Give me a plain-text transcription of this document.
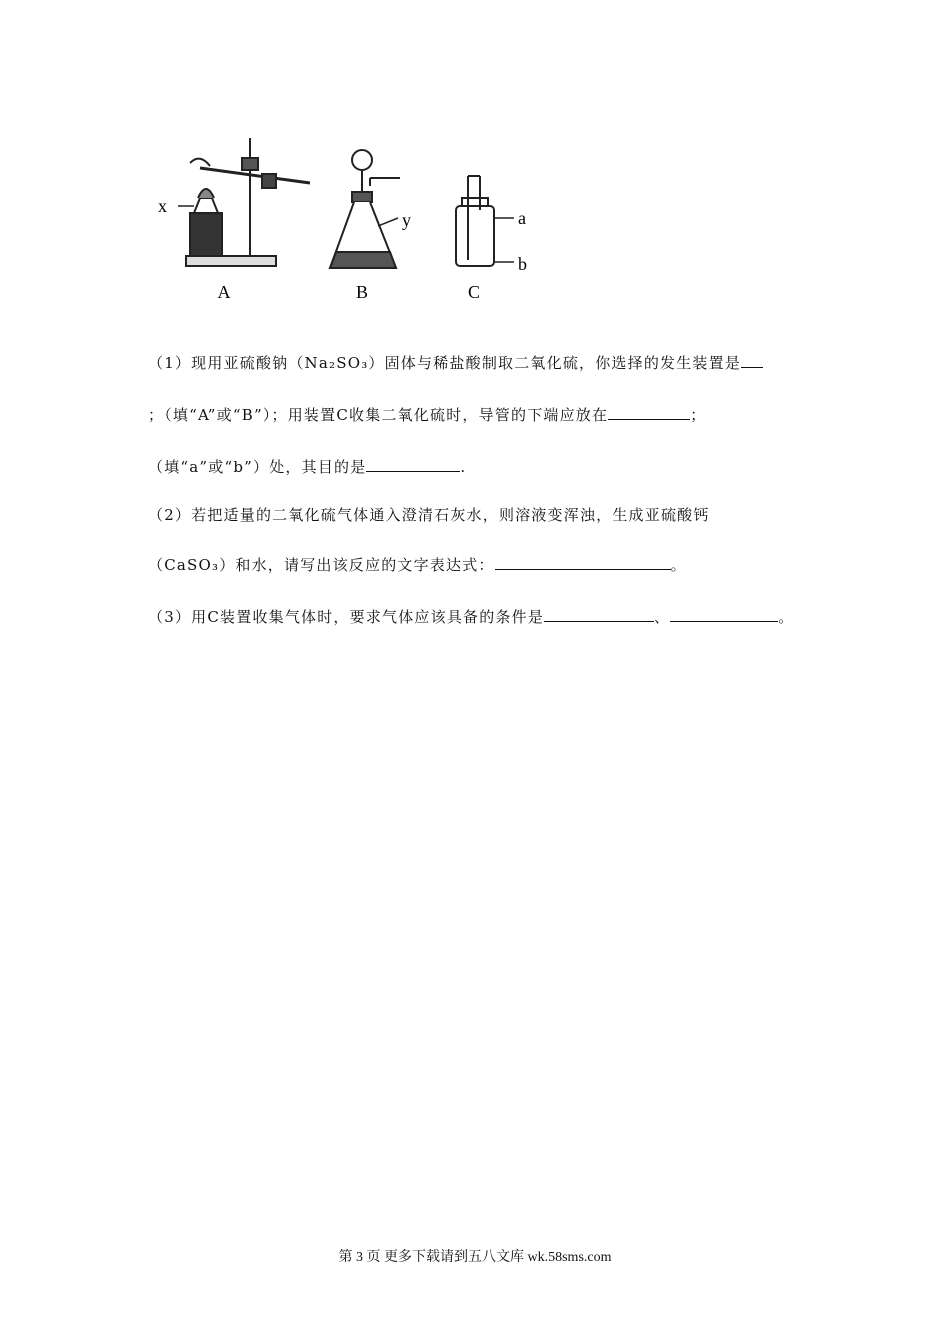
A	B	C
x
y	a
b
（1）现用亚硫酸钠（Na₂SO₃）固体与稀盐酸制取二氧化硫，你选择的发生装置是
；（填“A”或“B”）；用装置C收集二氧化硫时，导管的下端应放在	；
（填“a”或“b”）处，其目的是	.
（2）若把适量的二氧化硫气体通入澄清石灰水，则溶液变浑浊，生成亚硫酸钙
（CaSO₃）和水，请写出该反应的文字表达式：	。
（3）用C装置收集气体时，要求气体应该具备的条件是	、	。
第 3 页 更多下载请到五八文库 wk.58sms.com
